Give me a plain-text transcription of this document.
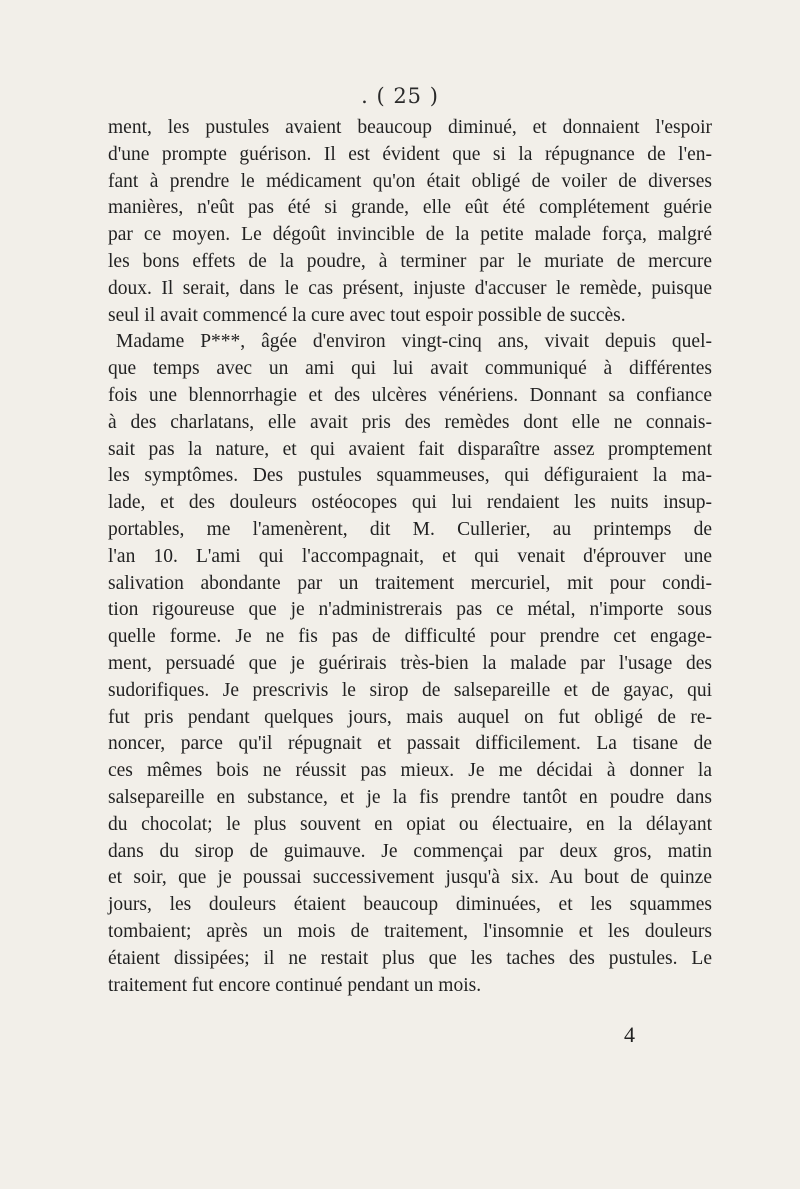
. ( 25 )
ment, les pustules avaient beaucoup diminué, et donnaient l'espoir
d'une prompte guérison. Il est évident que si la répugnance de l'en-
fant à prendre le médicament qu'on était obligé de voiler de diverses
manières, n'eût pas été si grande, elle eût été complétement guérie
par ce moyen. Le dégoût invincible de la petite malade força, malgré
les bons effets de la poudre, à terminer par le muriate de mercure
doux. Il serait, dans le cas présent, injuste d'accuser le remède, puisque
seul il avait commencé la cure avec tout espoir possible de succès.
Madame P***, âgée d'environ vingt-cinq ans, vivait depuis quel-
que temps avec un ami qui lui avait communiqué à différentes
fois une blennorrhagie et des ulcères vénériens. Donnant sa confiance
à des charlatans, elle avait pris des remèdes dont elle ne connais-
sait pas la nature, et qui avaient fait disparaître assez promptement
les symptômes. Des pustules squammeuses, qui défiguraient la ma-
lade, et des douleurs ostéocopes qui lui rendaient les nuits insup-
portables, me l'amenèrent, dit M. Cullerier, au printemps de
l'an 10. L'ami qui l'accompagnait, et qui venait d'éprouver une
salivation abondante par un traitement mercuriel, mit pour condi-
tion rigoureuse que je n'administrerais pas ce métal, n'importe sous
quelle forme. Je ne fis pas de difficulté pour prendre cet engage-
ment, persuadé que je guérirais très-bien la malade par l'usage des
sudorifiques. Je prescrivis le sirop de salsepareille et de gayac, qui
fut pris pendant quelques jours, mais auquel on fut obligé de re-
noncer, parce qu'il répugnait et passait difficilement. La tisane de
ces mêmes bois ne réussit pas mieux. Je me décidai à donner la
salsepareille en substance, et je la fis prendre tantôt en poudre dans
du chocolat; le plus souvent en opiat ou électuaire, en la délayant
dans du sirop de guimauve. Je commençai par deux gros, matin
et soir, que je poussai successivement jusqu'à six. Au bout de quinze
jours, les douleurs étaient beaucoup diminuées, et les squammes
tombaient; après un mois de traitement, l'insomnie et les douleurs
étaient dissipées; il ne restait plus que les taches des pustules. Le
traitement fut encore continué pendant un mois.
4
